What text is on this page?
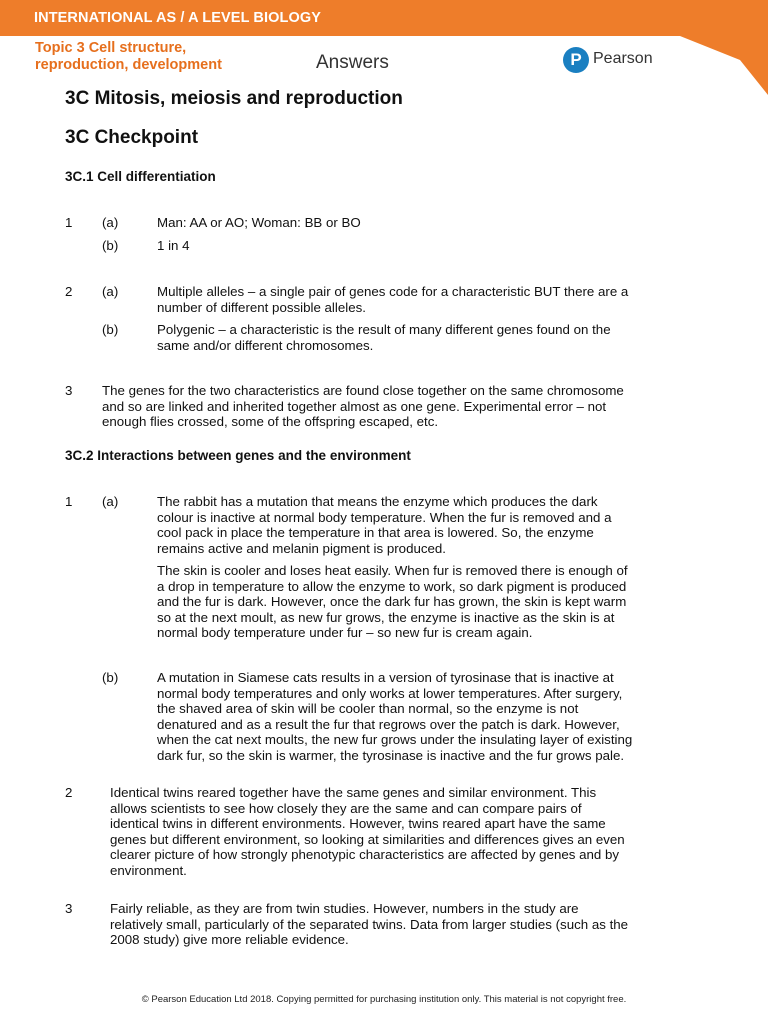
INTERNATIONAL AS / A LEVEL BIOLOGY
Topic 3 Cell structure,
reproduction, development	Answers	P Pearson
3C Mitosis, meiosis and reproduction
3C Checkpoint
3C.1 Cell differentiation
1 (a)	Man: AA or AO; Woman: BB or BO
(b)	1 in 4
2 (a)	Multiple alleles – a single pair of genes code for a characteristic BUT there are a
number of different possible alleles.
(b)	Polygenic – a characteristic is the result of many different genes found on the
same and/or different chromosomes.
3 The genes for the two characteristics are found close together on the same chromosome
and so are linked and inherited together almost as one gene. Experimental error – not
enough flies crossed, some of the offspring escaped, etc.
3C.2 Interactions between genes and the environment
1 (a)	The rabbit has a mutation that means the enzyme which produces the dark
colour is inactive at normal body temperature. When the fur is removed and a
cool pack in place the temperature in that area is lowered. So, the enzyme
remains active and melanin pigment is produced.
The skin is cooler and loses heat easily. When fur is removed there is enough of
a drop in temperature to allow the enzyme to work, so dark pigment is produced
and the fur is dark. However, once the dark fur has grown, the skin is kept warm
so at the next moult, as new fur grows, the enzyme is inactive as the skin is at
normal body temperature under fur – so new fur is cream again.
(b)	A mutation in Siamese cats results in a version of tyrosinase that is inactive at
normal body temperatures and only works at lower temperatures. After surgery,
the shaved area of skin will be cooler than normal, so the enzyme is not
denatured and as a result the fur that regrows over the patch is dark. However,
when the cat next moults, the new fur grows under the insulating layer of existing
dark fur, so the skin is warmer, the tyrosinase is inactive and the fur grows pale.
2	Identical twins reared together have the same genes and similar environment. This
allows scientists to see how closely they are the same and can compare pairs of
identical twins in different environments. However, twins reared apart have the same
genes but different environment, so looking at similarities and differences gives an even
clearer picture of how strongly phenotypic characteristics are affected by genes and by
environment.
3	Fairly reliable, as they are from twin studies. However, numbers in the study are
relatively small, particularly of the separated twins. Data from larger studies (such as the
2008 study) give more reliable evidence.
© Pearson Education Ltd 2018. Copying permitted for purchasing institution only. This material is not copyright free.
